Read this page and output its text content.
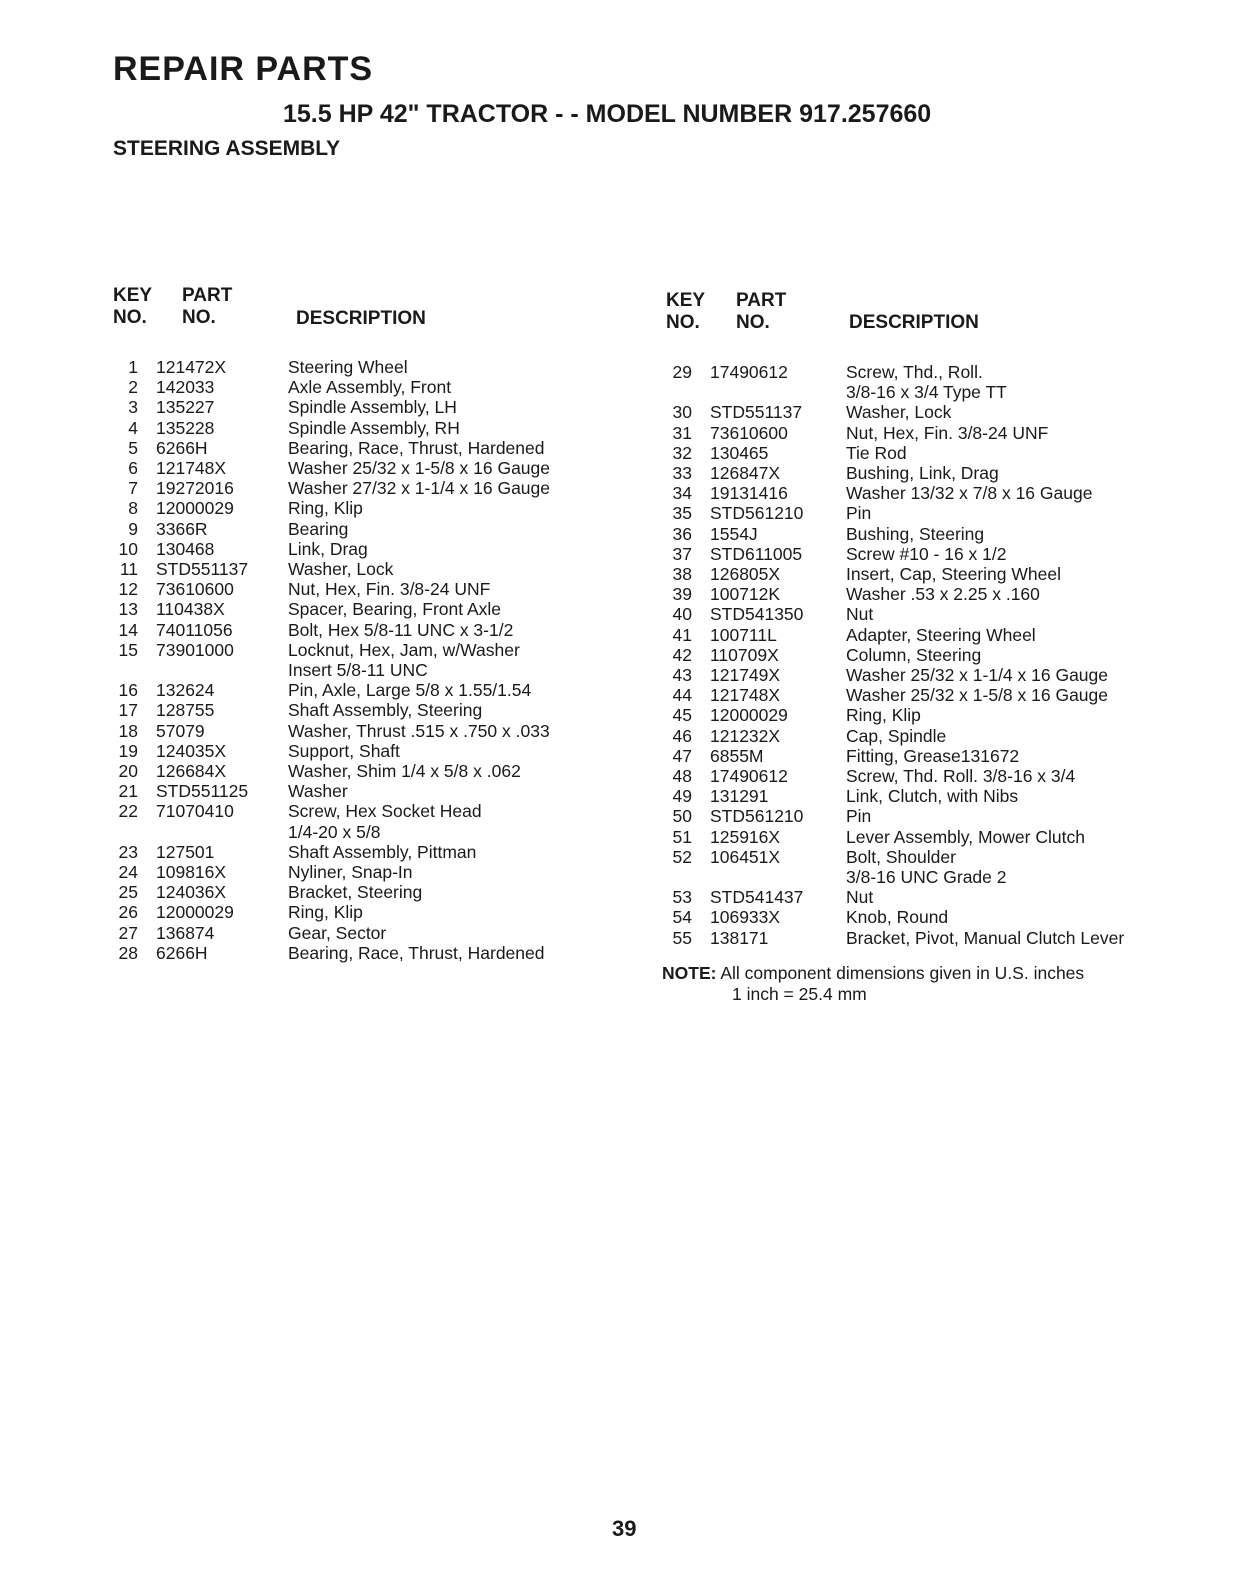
REPAIR PARTS
15.5 HP 42" TRACTOR - - MODEL NUMBER 917.257660
STEERING ASSEMBLY
KEY
NO.
PART
NO.	DESCRIPTION
KEY
NO.
PART
NO.	DESCRIPTION
1	121472X	Steering Wheel
2	142033	Axle Assembly, Front
3	135227	Spindle Assembly, LH
4	135228	Spindle Assembly, RH
5	6266H	Bearing, Race, Thrust, Hardened
6	121748X	Washer 25/32 x 1-5/8 x 16 Gauge
7	19272016	Washer 27/32 x 1-1/4 x 16 Gauge
8	12000029	Ring, Klip
9	3366R	Bearing
10	130468	Link, Drag
11	STD551137	Washer, Lock
12	73610600	Nut, Hex, Fin. 3/8-24 UNF
13	110438X	Spacer, Bearing, Front Axle
14	74011056	Bolt, Hex 5/8-11 UNC x 3-1/2
15	73901000	Locknut, Hex, Jam, w/Washer
Insert 5/8-11 UNC
16	132624	Pin, Axle, Large 5/8 x 1.55/1.54
17	128755	Shaft Assembly, Steering
18	57079	Washer, Thrust .515 x .750 x .033
19	124035X	Support, Shaft
20	126684X	Washer, Shim 1/4 x 5/8 x .062
21	STD551125	Washer
22	71070410	Screw, Hex Socket Head
1/4-20 x 5/8
23	127501	Shaft Assembly, Pittman
24	109816X	Nyliner, Snap-In
25	124036X	Bracket, Steering
26	12000029	Ring, Klip
27	136874	Gear, Sector
28	6266H	Bearing, Race, Thrust, Hardened
29	17490612	Screw, Thd., Roll.
3/8-16 x 3/4 Type TT
30	STD551137	Washer, Lock
31	73610600	Nut, Hex, Fin. 3/8-24 UNF
32	130465	Tie Rod
33	126847X	Bushing, Link, Drag
34	19131416	Washer 13/32 x 7/8 x 16 Gauge
35	STD561210	Pin
36	1554J	Bushing, Steering
37	STD611005	Screw #10 - 16 x 1/2
38	126805X	Insert, Cap, Steering Wheel
39	100712K	Washer .53 x 2.25 x .160
40	STD541350	Nut
41	100711L	Adapter, Steering Wheel
42	110709X	Column, Steering
43	121749X	Washer 25/32 x 1-1/4 x 16 Gauge
44	121748X	Washer 25/32 x 1-5/8 x 16 Gauge
45	12000029	Ring, Klip
46	121232X	Cap, Spindle
47	6855M	Fitting, Grease131672
48	17490612	Screw, Thd. Roll. 3/8-16 x 3/4
49	131291	Link, Clutch, with Nibs
50	STD561210	Pin
51	125916X	Lever Assembly, Mower Clutch
52	106451X	Bolt, Shoulder
3/8-16 UNC Grade 2
53	STD541437	Nut
54	106933X	Knob, Round
55	138171	Bracket, Pivot, Manual Clutch Lever
NOTE: All component dimensions given in U.S. inches
1 inch = 25.4 mm
39
